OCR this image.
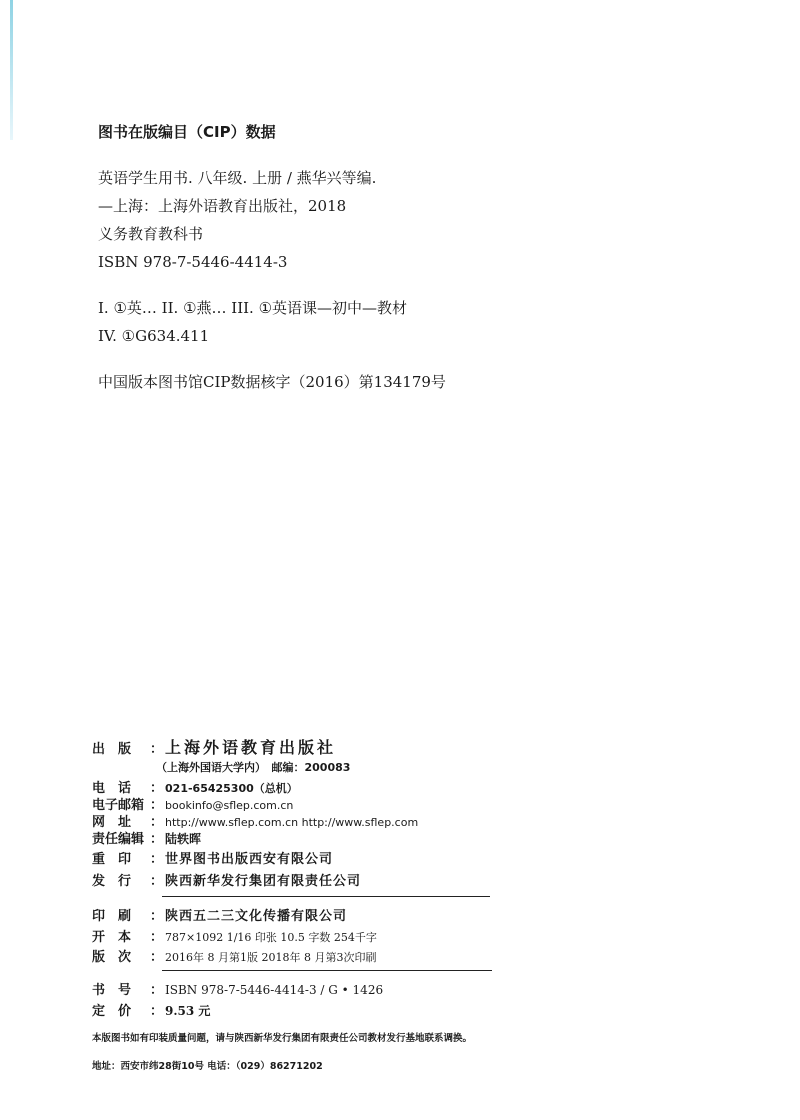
图书在版编目（CIP）数据
英语学生用书. 八年级. 上册 / 燕华兴等编.
—上海：上海外语教育出版社，2018
义务教育教科书
ISBN 978-7-5446-4414-3
I. ①英… II. ①燕… III. ①英语课—初中—教材
IV. ①G634.411
中国版本图书馆CIP数据核字（2016）第134179号
出　版	： 上海外语教育出版社
（上海外国语大学内）　邮编：200083
电　话	： 021-65425300（总机）
电子邮箱 ： bookinfo@sflep.com.cn
网　址	： http://www.sflep.com.cn http://www.sflep.com
责任编辑 ： 陆轶晖
重　印	： 世界图书出版西安有限公司
发　行	： 陕西新华发行集团有限责任公司
印　刷	： 陕西五二三文化传播有限公司
开　本	： 787×1092 1/16 印张 10.5 字数 254千字
版　次	： 2016年 8 月第1版 2018年 8 月第3次印刷
书　号	： ISBN 978-7-5446-4414-3 / G • 1426
定　价	： 9.53 元
本版图书如有印装质量问题，请与陕西新华发行集团有限责任公司教材发行基地联系调换。
地址：西安市纬28街10号 电话：（029）86271202
